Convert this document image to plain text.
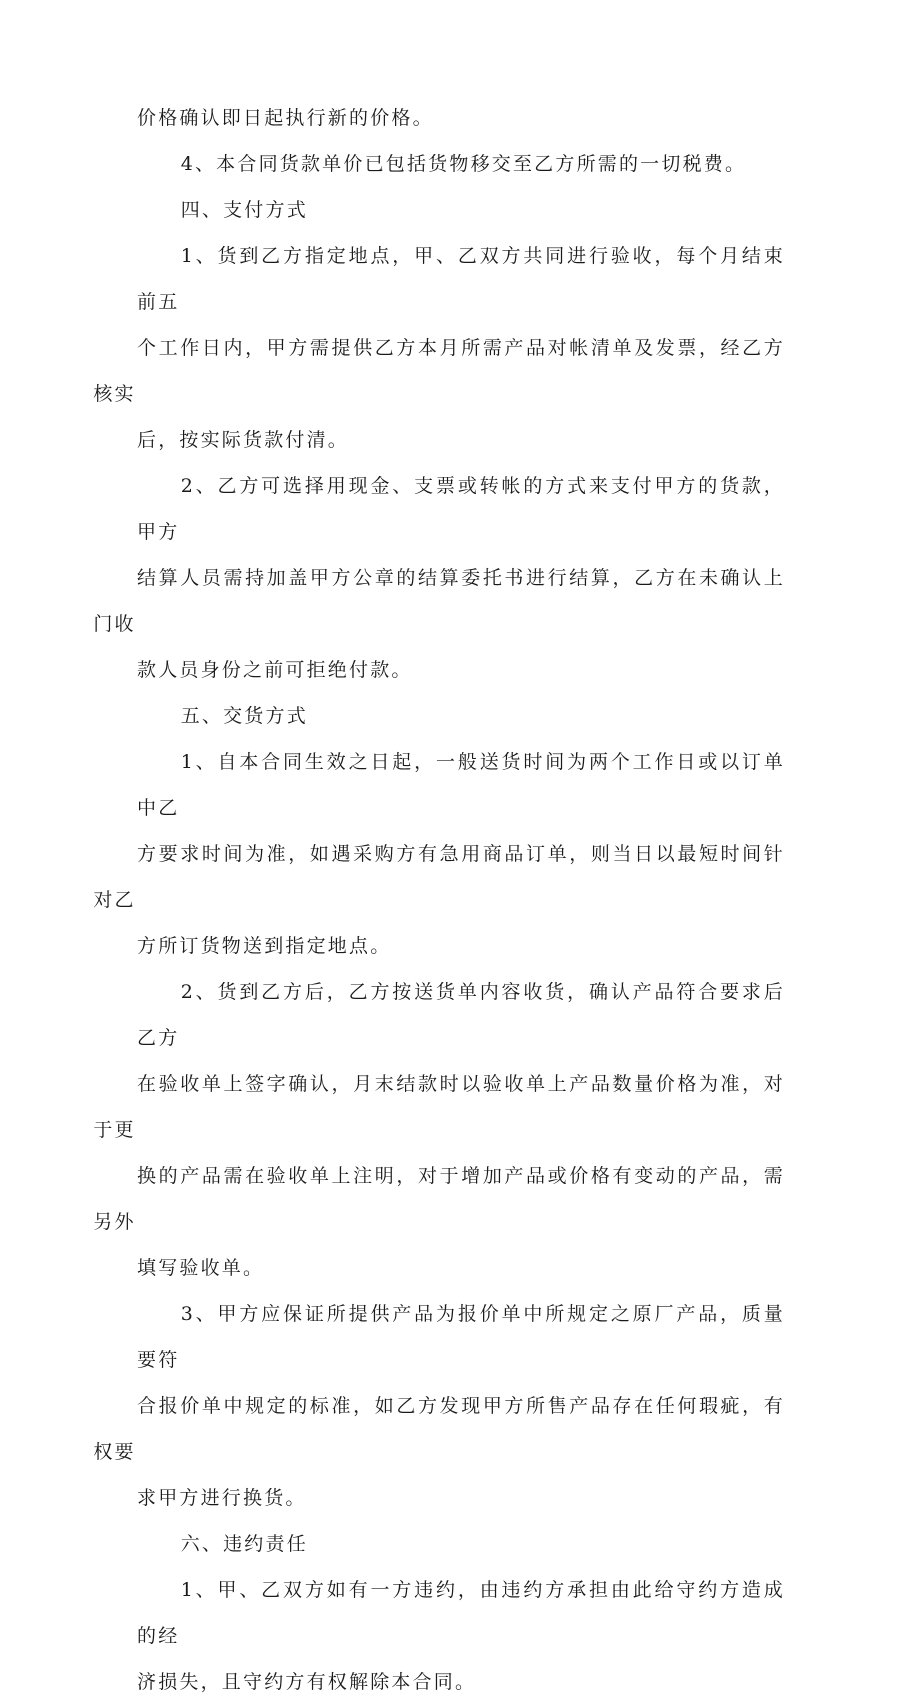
价格确认即日起执行新的价格。

4、本合同货款单价已包括货物移交至乙方所需的一切税费。

四、支付方式

1、货到乙方指定地点，甲、乙双方共同进行验收，每个月结束前五
个工作日内，甲方需提供乙方本月所需产品对帐清单及发票，经乙方核实
后，按实际货款付清。

2、乙方可选择用现金、支票或转帐的方式来支付甲方的货款，甲方
结算人员需持加盖甲方公章的结算委托书进行结算，乙方在未确认上门收
款人员身份之前可拒绝付款。

五、交货方式

1、自本合同生效之日起，一般送货时间为两个工作日或以订单中乙
方要求时间为准，如遇采购方有急用商品订单，则当日以最短时间针对乙
方所订货物送到指定地点。

2、货到乙方后，乙方按送货单内容收货，确认产品符合要求后乙方
在验收单上签字确认，月末结款时以验收单上产品数量价格为准，对于更
换的产品需在验收单上注明，对于增加产品或价格有变动的产品，需另外
填写验收单。

3、甲方应保证所提供产品为报价单中所规定之原厂产品，质量要符
合报价单中规定的标准，如乙方发现甲方所售产品存在任何瑕疵，有权要
求甲方进行换货。

六、违约责任

1、甲、乙双方如有一方违约，由违约方承担由此给守约方造成的经
济损失，且守约方有权解除本合同。
